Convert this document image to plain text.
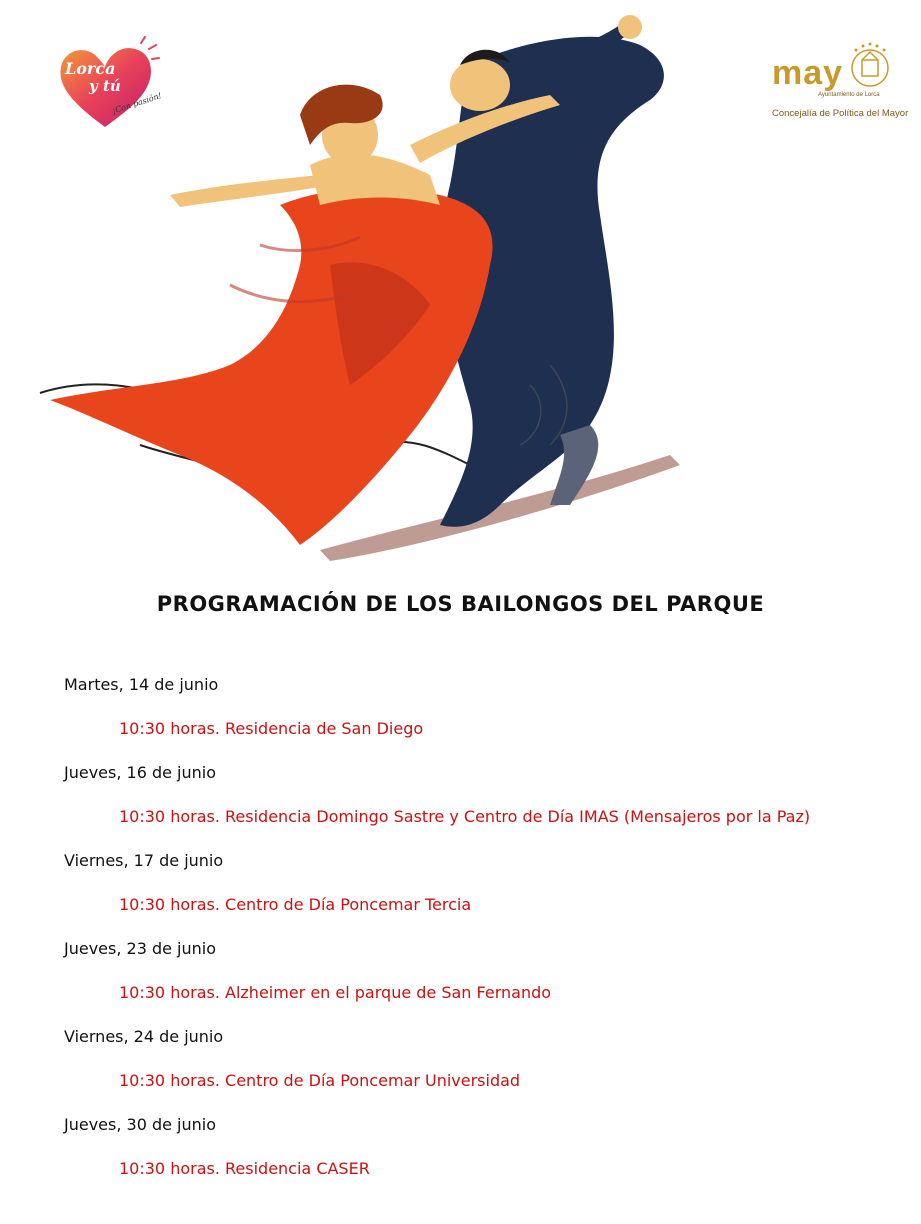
Lorca
y tú
¡Con pasión!
may
Ayuntamiento de Lorca
Concejalía de Política del Mayor
PROGRAMACIÓN DE LOS BAILONGOS DEL PARQUE
Martes, 14 de junio
10:30 horas. Residencia de San Diego
Jueves, 16 de junio
10:30 horas. Residencia Domingo Sastre y Centro de Día IMAS (Mensajeros por la Paz)
Viernes, 17 de junio
10:30 horas. Centro de Día Poncemar Tercia
Jueves, 23 de junio
10:30 horas. Alzheimer en el parque de San Fernando
Viernes, 24 de junio
10:30 horas. Centro de Día Poncemar Universidad
Jueves, 30 de junio
10:30 horas. Residencia CASER
